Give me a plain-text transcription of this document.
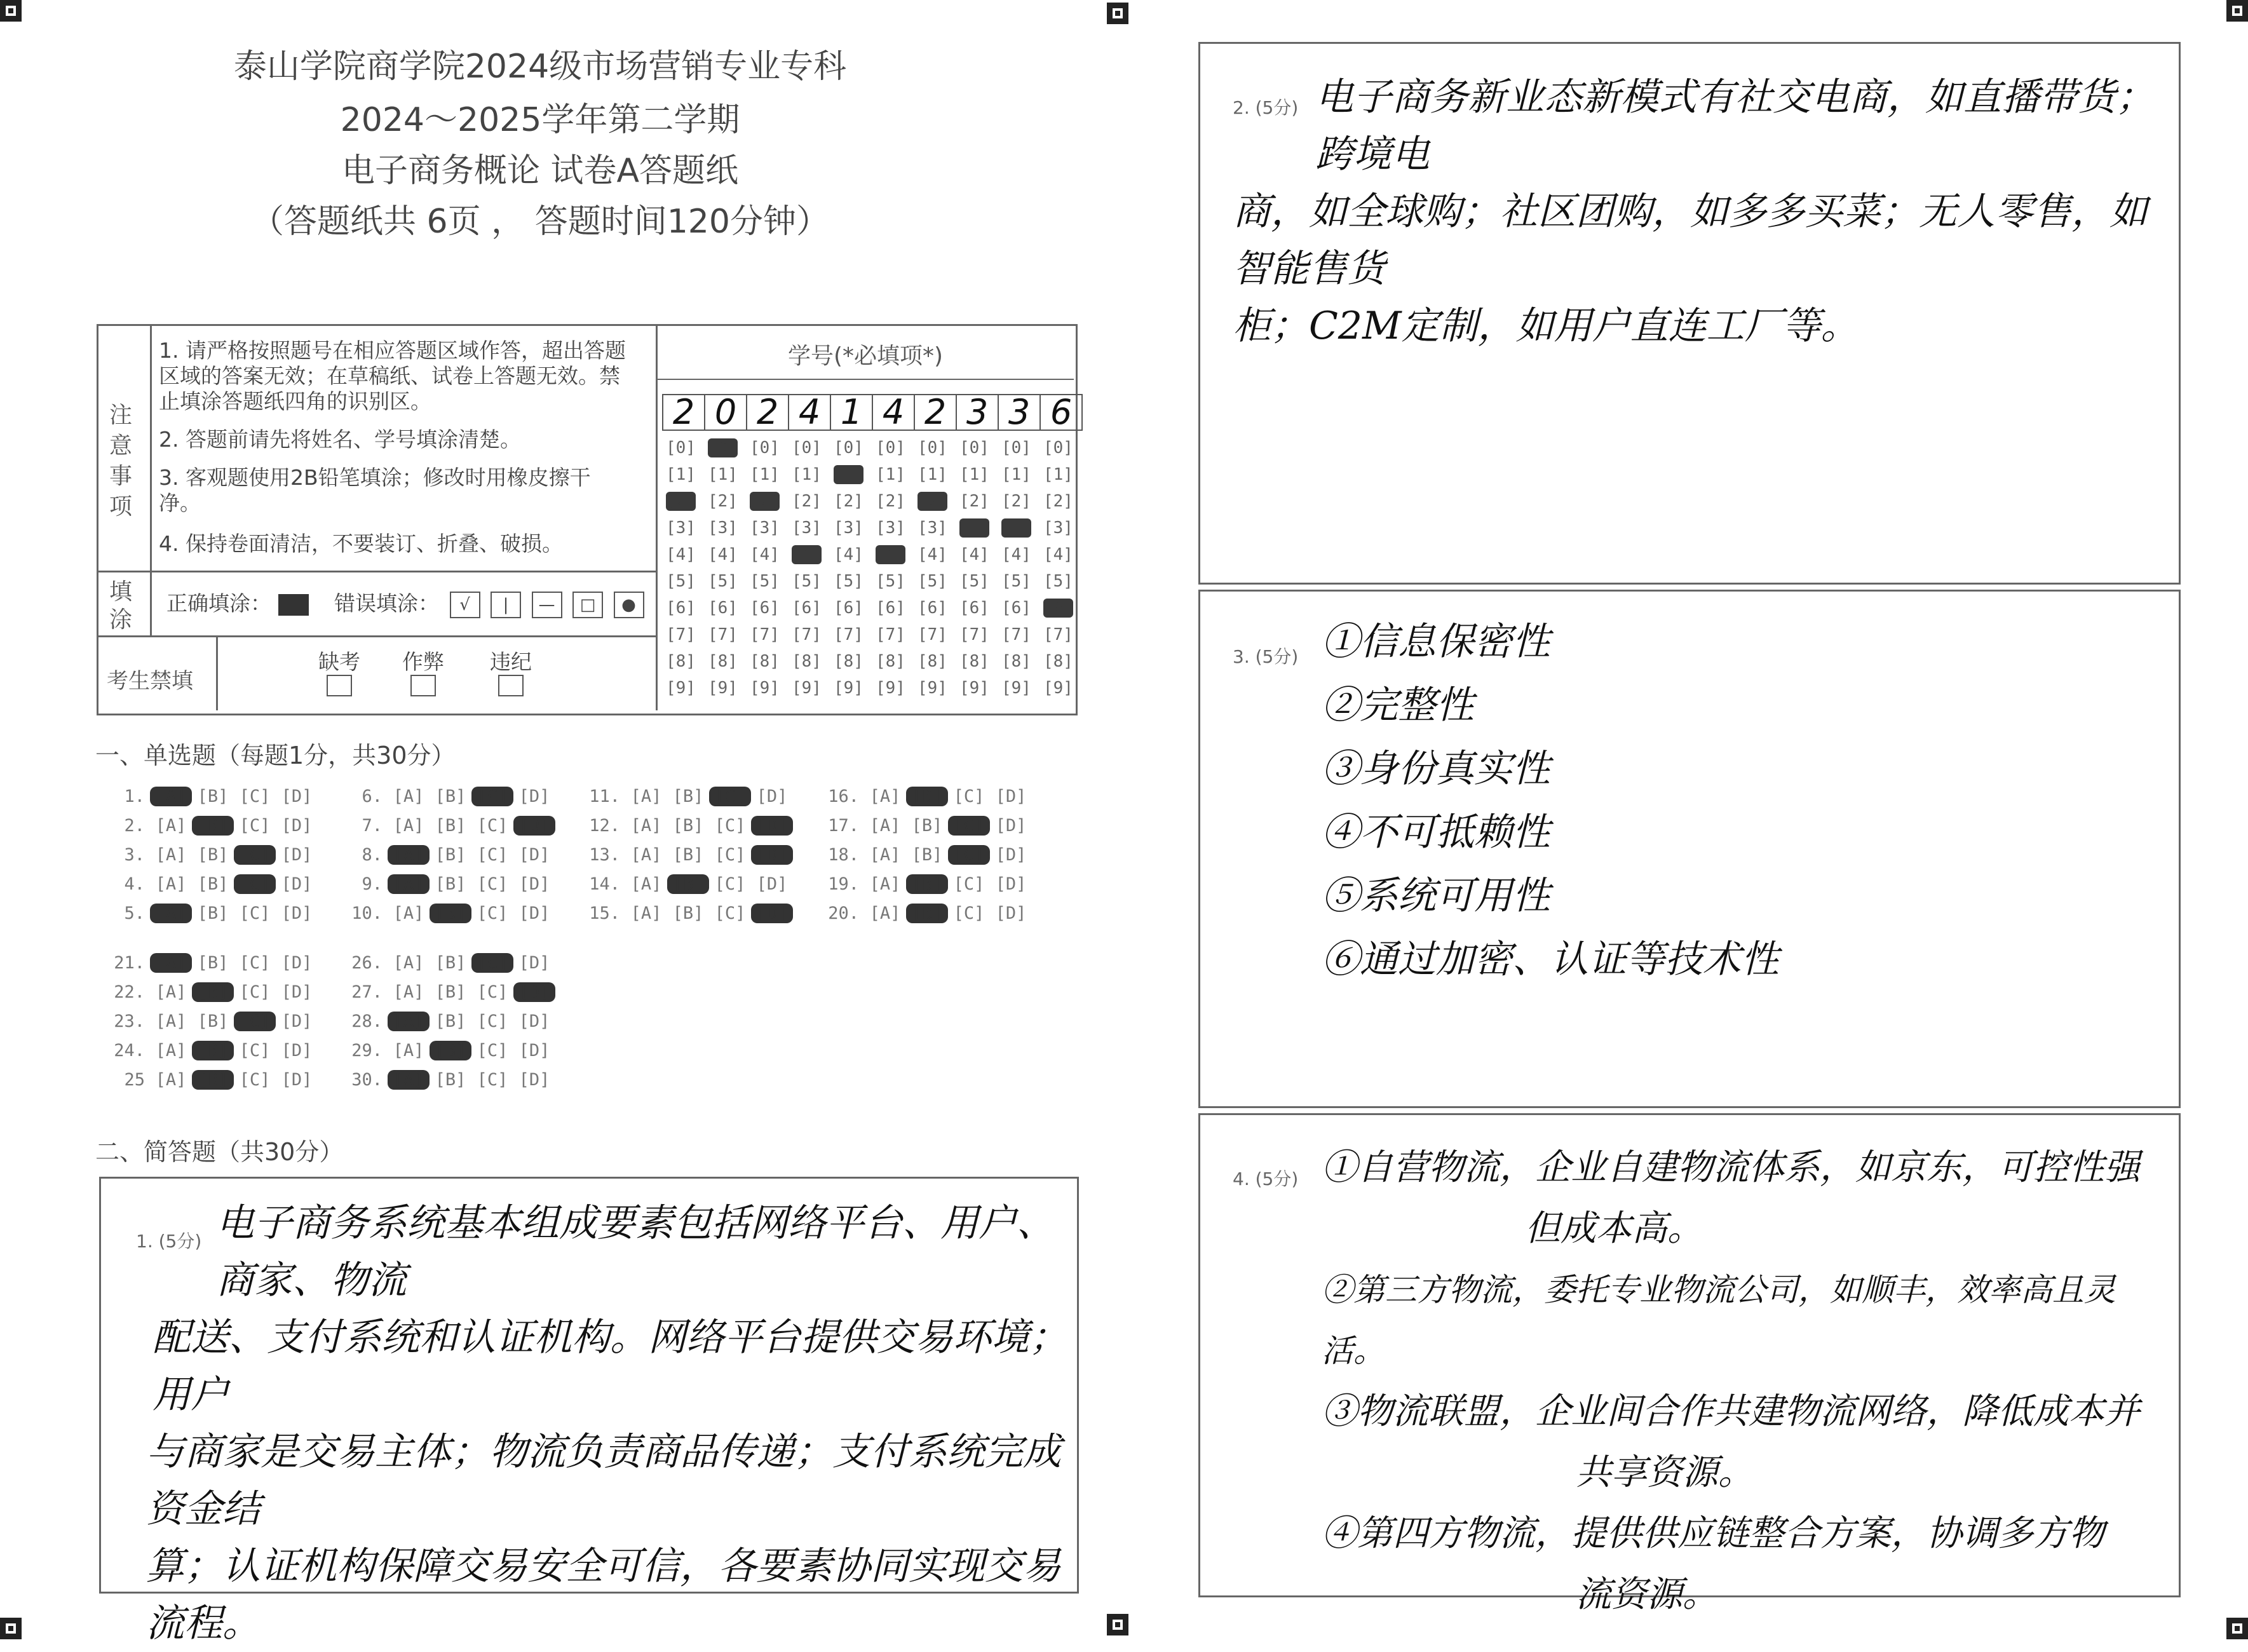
泰山学院商学院2024级市场营销专业专科
2024～2025学年第二学期
电子商务概论 试卷A答题纸
（答题纸共 6页 ， 答题时间120分钟）
注意事项
1. 请严格按照题号在相应答题区域作答，超出答题区域的答案无效；在草稿纸、试卷上答题无效。禁止填涂答题纸四角的识别区。
2. 答题前请先将姓名、学号填涂清楚。
3. 客观题使用2B铅笔填涂；修改时用橡皮擦干净。
4. 保持卷面清洁，不要装订、折叠、破损。
填涂
正确填涂：	错误填涂： √ | — □ ●
考生禁填
缺考 作弊 违纪
学号(*必填项*)
2 0 2 4 1 4 2 3 3 6
[0]
[1]
[2]
[3]
[4]
[5]
[6]
[7]
[8]
[9]
[0]
[1]
[2]
[3]
[4]
[5]
[6]
[7]
[8]
[9]
[0]
[1]
[2]
[3]
[4]
[5]
[6]
[7]
[8]
[9]
[0]
[1]
[2]
[3]
[4]
[5]
[6]
[7]
[8]
[9]
[0]
[1]
[2]
[3]
[4]
[5]
[6]
[7]
[8]
[9]
[0]
[1]
[2]
[3]
[4]
[5]
[6]
[7]
[8]
[9]
[0]
[1]
[2]
[3]
[4]
[5]
[6]
[7]
[8]
[9]
[0]
[1]
[2]
[3]
[4]
[5]
[6]
[7]
[8]
[9]
[0]
[1]
[2]
[3]
[4]
[5]
[6]
[7]
[8]
[9]
[0]
[1]
[2]
[3]
[4]
[5]
[6]
[7]
[8]
[9]
一、单选题（每题1分，共30分）
1. [A] [B] [C] [D]
2. [A] [B] [C] [D]
3. [A] [B] [C] [D]
4. [A] [B] [C] [D]
5. [A] [B] [C] [D]
6. [A] [B] [C] [D]
7. [A] [B] [C] [D]
8. [A] [B] [C] [D]
9. [A] [B] [C] [D]
10. [A] [B] [C] [D]
11. [A] [B] [C] [D]
12. [A] [B] [C] [D]
13. [A] [B] [C] [D]
14. [A] [B] [C] [D]
15. [A] [B] [C] [D]
16. [A] [B] [C] [D]
17. [A] [B] [C] [D]
18. [A] [B] [C] [D]
19. [A] [B] [C] [D]
20. [A] [B] [C] [D]
21. [A] [B] [C] [D]
22. [A] [B] [C] [D]
23. [A] [B] [C] [D]
24. [A] [B] [C] [D]
25 [A] [B] [C] [D]
26. [A] [B] [C] [D]
27. [A] [B] [C] [D]
28. [A] [B] [C] [D]
29. [A] [B] [C] [D]
30. [A] [B] [C] [D]
二、简答题（共30分）
1. (5分) 电子商务系统基本组成要素包括网络平台、用户、商家、物流
配送、支付系统和认证机构。网络平台提供交易环境；用户
与商家是交易主体；物流负责商品传递；支付系统完成资金结
算；认证机构保障交易安全可信，各要素协同实现交易流程。
2. (5分) 电子商务新业态新模式有社交电商，如直播带货；跨境电
商，如全球购；社区团购，如多多买菜；无人零售，如智能售货
柜；C2M定制，如用户直连工厂等。
3. (5分) ①信息保密性
②完整性
③身份真实性
④不可抵赖性
⑤系统可用性
⑥通过加密、认证等技术性
4. (5分) ①自营物流，企业自建物流体系，如京东，可控性强
但成本高。
②第三方物流，委托专业物流公司，如顺丰，效率高且灵活。
③物流联盟，企业间合作共建物流网络，降低成本并
共享资源。
④第四方物流，提供供应链整合方案，协调多方物
流资源。
